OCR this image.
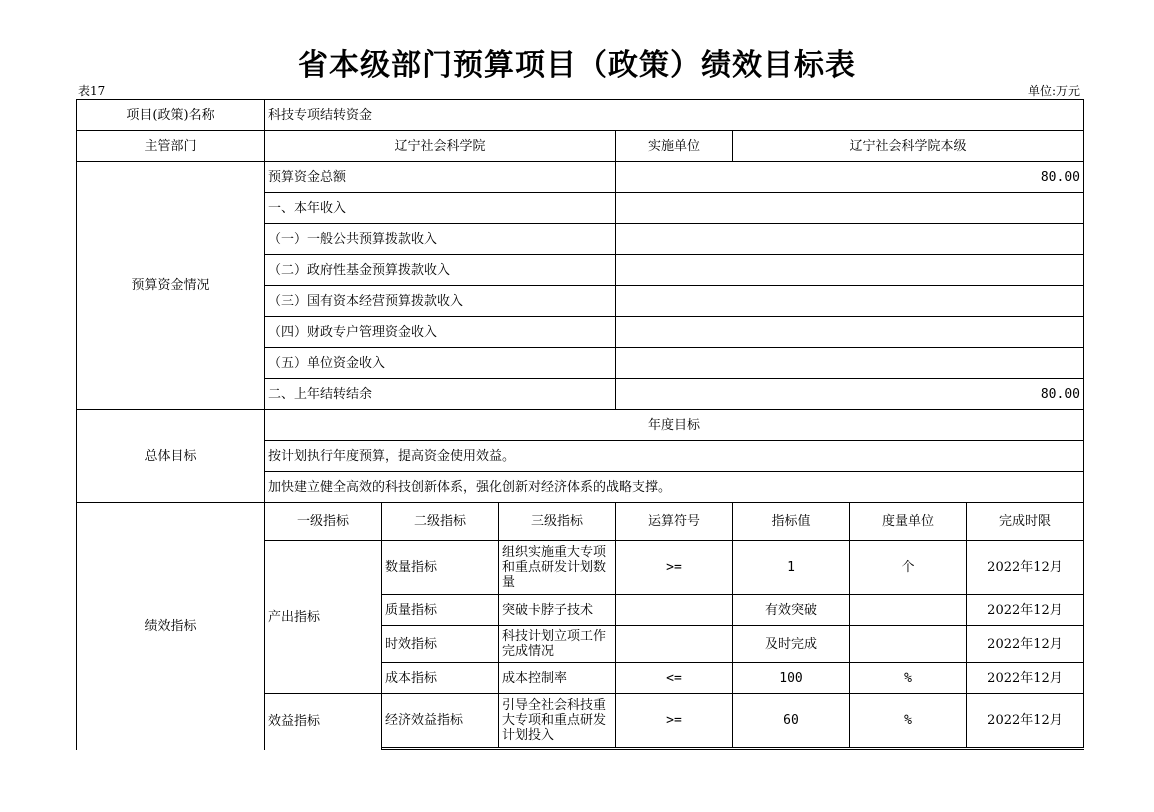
省本级部门预算项目（政策）绩效目标表
表17	单位:万元
项目(政策)名称	科技专项结转资金						
主管部门	辽宁社会科学院			实施单位	辽宁社会科学院本级		
预算资金情况	预算资金总额			80.00			
	一、本年收入						
	（一）一般公共预算拨款收入						
	（二）政府性基金预算拨款收入						
	（三）国有资本经营预算拨款收入						
	（四）财政专户管理资金收入						
	（五）单位资金收入						
	二、上年结转结余			80.00			
总体目标	年度目标						
	按计划执行年度预算，提高资金使用效益。						
	加快建立健全高效的科技创新体系，强化创新对经济体系的战略支撑。						
绩效指标	一级指标	二级指标	三级指标	运算符号	指标值	度量单位	完成时限
	产出指标	数量指标	组织实施重大专项和重点研发计划数量	>=	1	个	2022年12月
		质量指标	突破卡脖子技术		有效突破		2022年12月
		时效指标	科技计划立项工作完成情况		及时完成		2022年12月
		成本指标	成本控制率	<=	100	%	2022年12月
	效益指标	经济效益指标	引导全社会科技重大专项和重点研发计划投入	>=	60	%	2022年12月
